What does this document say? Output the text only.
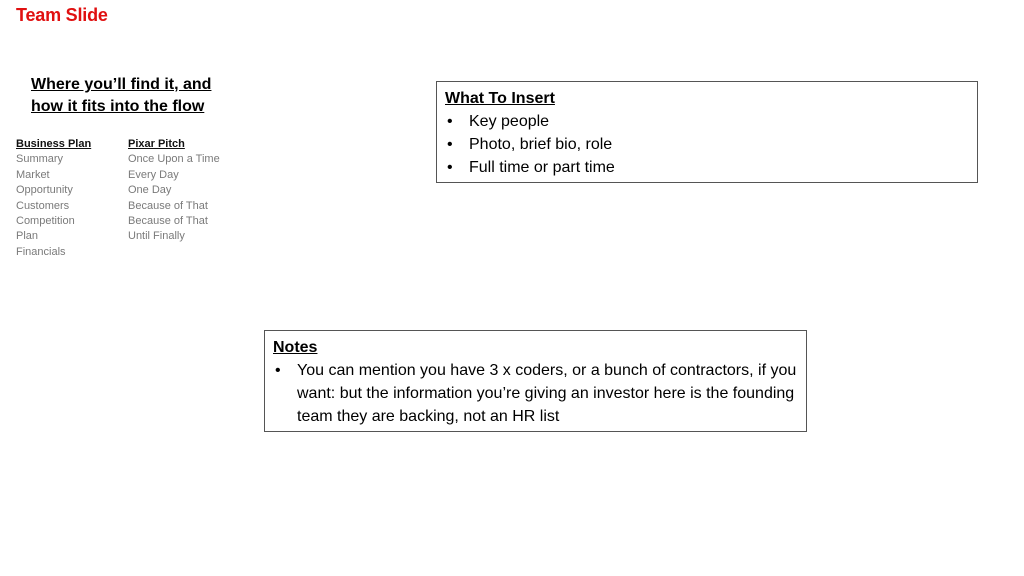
Team Slide
Where you’ll find it, and
how it fits into the flow
Business Plan
Summary
Market
Opportunity
Customers
Competition
Plan
Financials
Pixar Pitch
Once Upon a Time
Every Day
One Day
Because of That
Because of That
Until Finally
What To Insert
• Key people
• Photo, brief bio, role
• Full time or part time
Notes
• You can mention you have 3 x coders, or a bunch of contractors, if you want: but the information you’re giving an investor here is the founding team they are backing, not an HR list
